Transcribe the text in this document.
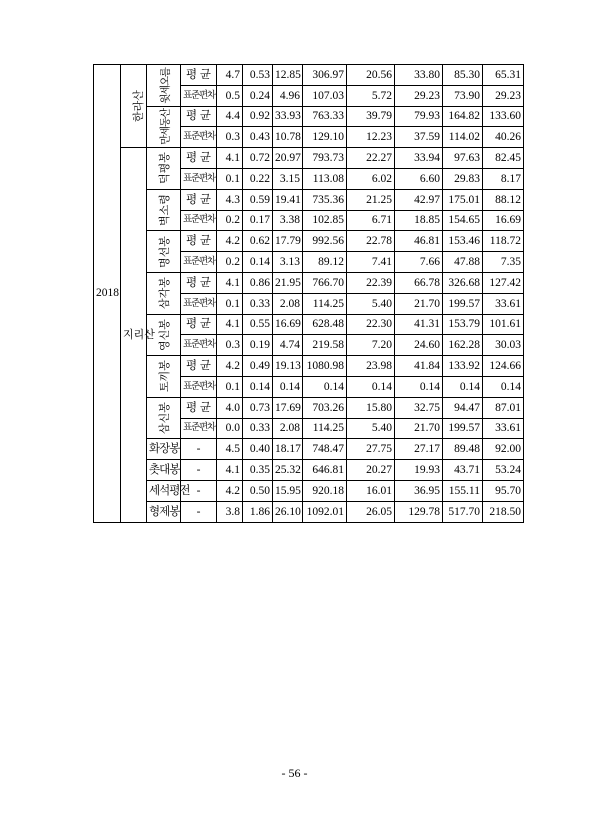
2018	한라산	윗세오름	평 균	4.7	0.53	12.85	306.97	20.56	33.80	85.30	65.31
			표준편차	0.5	0.24	4.96	107.03	5.72	29.23	73.90	29.23
		만세동산	평 균	4.4	0.92	33.93	763.33	39.79	79.93	164.82	133.60
			표준편차	0.3	0.43	10.78	129.10	12.23	37.59	114.02	40.26
	지리산	덕평봉	평 균	4.1	0.72	20.97	793.73	22.27	33.94	97.63	82.45
			표준편차	0.1	0.22	3.15	113.08	6.02	6.60	29.83	8.17
		벽소령	평 균	4.3	0.59	19.41	735.36	21.25	42.97	175.01	88.12
			표준편차	0.2	0.17	3.38	102.85	6.71	18.85	154.65	16.69
		명선봉	평 균	4.2	0.62	17.79	992.56	22.78	46.81	153.46	118.72
			표준편차	0.2	0.14	3.13	89.12	7.41	7.66	47.88	7.35
		삼각봉	평 균	4.1	0.86	21.95	766.70	22.39	66.78	326.68	127.42
			표준편차	0.1	0.33	2.08	114.25	5.40	21.70	199.57	33.61
		영신봉	평 균	4.1	0.55	16.69	628.48	22.30	41.31	153.79	101.61
			표준편차	0.3	0.19	4.74	219.58	7.20	24.60	162.28	30.03
		토끼봉	평 균	4.2	0.49	19.13	1080.98	23.98	41.84	133.92	124.66
			표준편차	0.1	0.14	0.14	0.14	0.14	0.14	0.14	0.14
		삼신봉	평 균	4.0	0.73	17.69	703.26	15.80	32.75	94.47	87.01
			표준편차	0.0	0.33	2.08	114.25	5.40	21.70	199.57	33.61
		화장봉	-	4.5	0.40	18.17	748.47	27.75	27.17	89.48	92.00
		촛대봉	-	4.1	0.35	25.32	646.81	20.27	19.93	43.71	53.24
		세석평전	-	4.2	0.50	15.95	920.18	16.01	36.95	155.11	95.70
		형제봉	-	3.8	1.86	26.10	1092.01	26.05	129.78	517.70	218.50
- 56 -
